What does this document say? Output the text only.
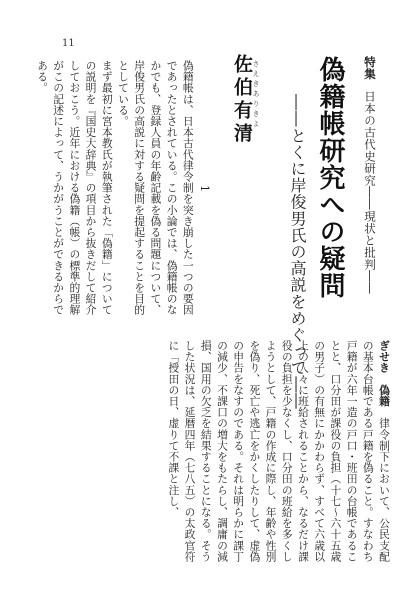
11
特集 日本の古代史研究――現状と批判――
偽籍帳研究への疑問
――とくに岸俊男氏の高説をめぐって――
さえきありきよ
佐伯有清

1

偽籍帳は、日本古代律令制を突き崩した一つの要因であったとされている。この小論では、偽籍帳のなかでも、登録人員の年齢記載を偽る問題について、岸俊男氏の高説に対する疑問を提起することを目的としている。

まず最初に宮本教氏が執筆された「偽籍」についての説明を『国史大辞典』の項目から抜きだして紹介しておこう。近年における偽籍（帳）の標準的理解がこの記述によって、うかがうことができるからである。

ぎせき　偽籍　律令制下において、公民支配の基本台帳である戸籍を偽ること。すなわち戸籍が六年一造の戸口・班田の台帳であることと、口分田が課役の負担（十七～六十五歳の男子）の有無にかかわらず、すべて六歳以上の人々に班給されることから、なるだけ課役の負担を少なくし、口分田の班給を多くしようとして、戸籍の作成に際し、年齢や性別を偽り、死亡や逃亡をかくしたりして、虚偽の申告をなすのである。それは明らかに課丁の減少、不課口の増大をもたらし、調庸の減損、国用の欠乏を結果することになる。そうした状況は、延暦四年（七八五）の太政官符に「授田の日、虚りて不課と注し、
